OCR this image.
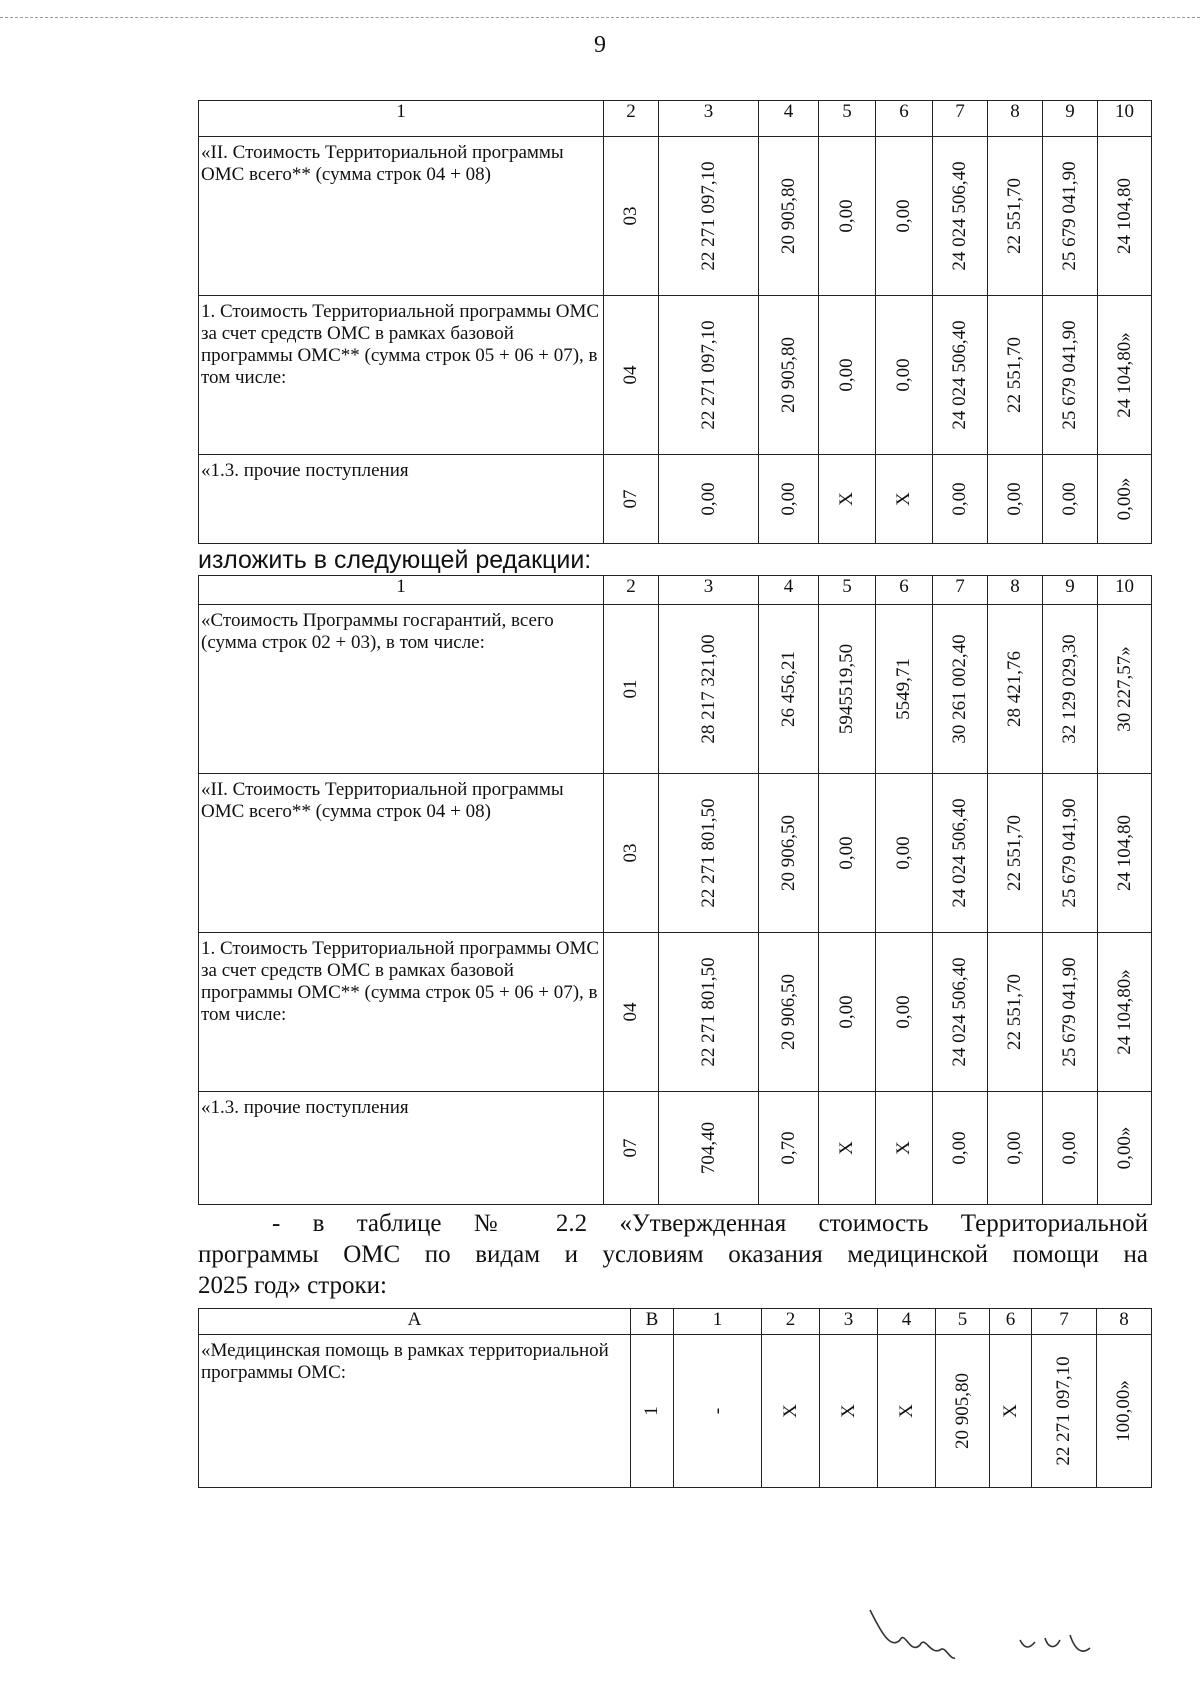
9
1	2	3	4	5	6	7	8	9	10
«II. Стоимость Территориальной программы ОМС всего** (сумма строк 04 + 08)	03	22 271 097,10	20 905,80	0,00	0,00	24 024 506,40	22 551,70	25 679 041,90	24 104,80

1. Стоимость Территориальной программы ОМС за счет средств ОМС в рамках базовой программы ОМС** (сумма строк 05 + 06 + 07), в том числе:	04	22 271 097,10	20 905,80	0,00	0,00	24 024 506,40	22 551,70	25 679 041,90	24 104,80»

«1.3. прочие поступления	07	0,00	0,00	Х	Х	0,00	0,00	0,00	0,00»
изложить в следующей редакции:
1	2	3	4	5	6	7	8	9	10
«Стоимость Программы госгарантий, всего (сумма строк 02 + 03), в том числе:	01	28 217 321,00	26 456,21	5945519,50	5549,71	30 261 002,40	28 421,76	32 129 029,30	30 227,57»

«II. Стоимость Территориальной программы ОМС всего** (сумма строк 04 + 08)	03	22 271 801,50	20 906,50	0,00	0,00	24 024 506,40	22 551,70	25 679 041,90	24 104,80

1. Стоимость Территориальной программы ОМС за счет средств ОМС в рамках базовой программы ОМС** (сумма строк 05 + 06 + 07), в том числе:	04	22 271 801,50	20 906,50	0,00	0,00	24 024 506,40	22 551,70	25 679 041,90	24 104,80»

«1.3. прочие поступления	07	704,40	0,70	Х	Х	0,00	0,00	0,00	0,00»
- в таблице № 2.2 «Утвержденная стоимость Территориальной
программы ОМС по видам и условиям оказания медицинской помощи на
2025 год» строки:
А	В	1	2	3	4	5	6	7	8
«Медицинская помощь в рамках территориальной программы ОМС:	1	-	Х	Х	Х	20 905,80	Х	22 271 097,10	100,00»
